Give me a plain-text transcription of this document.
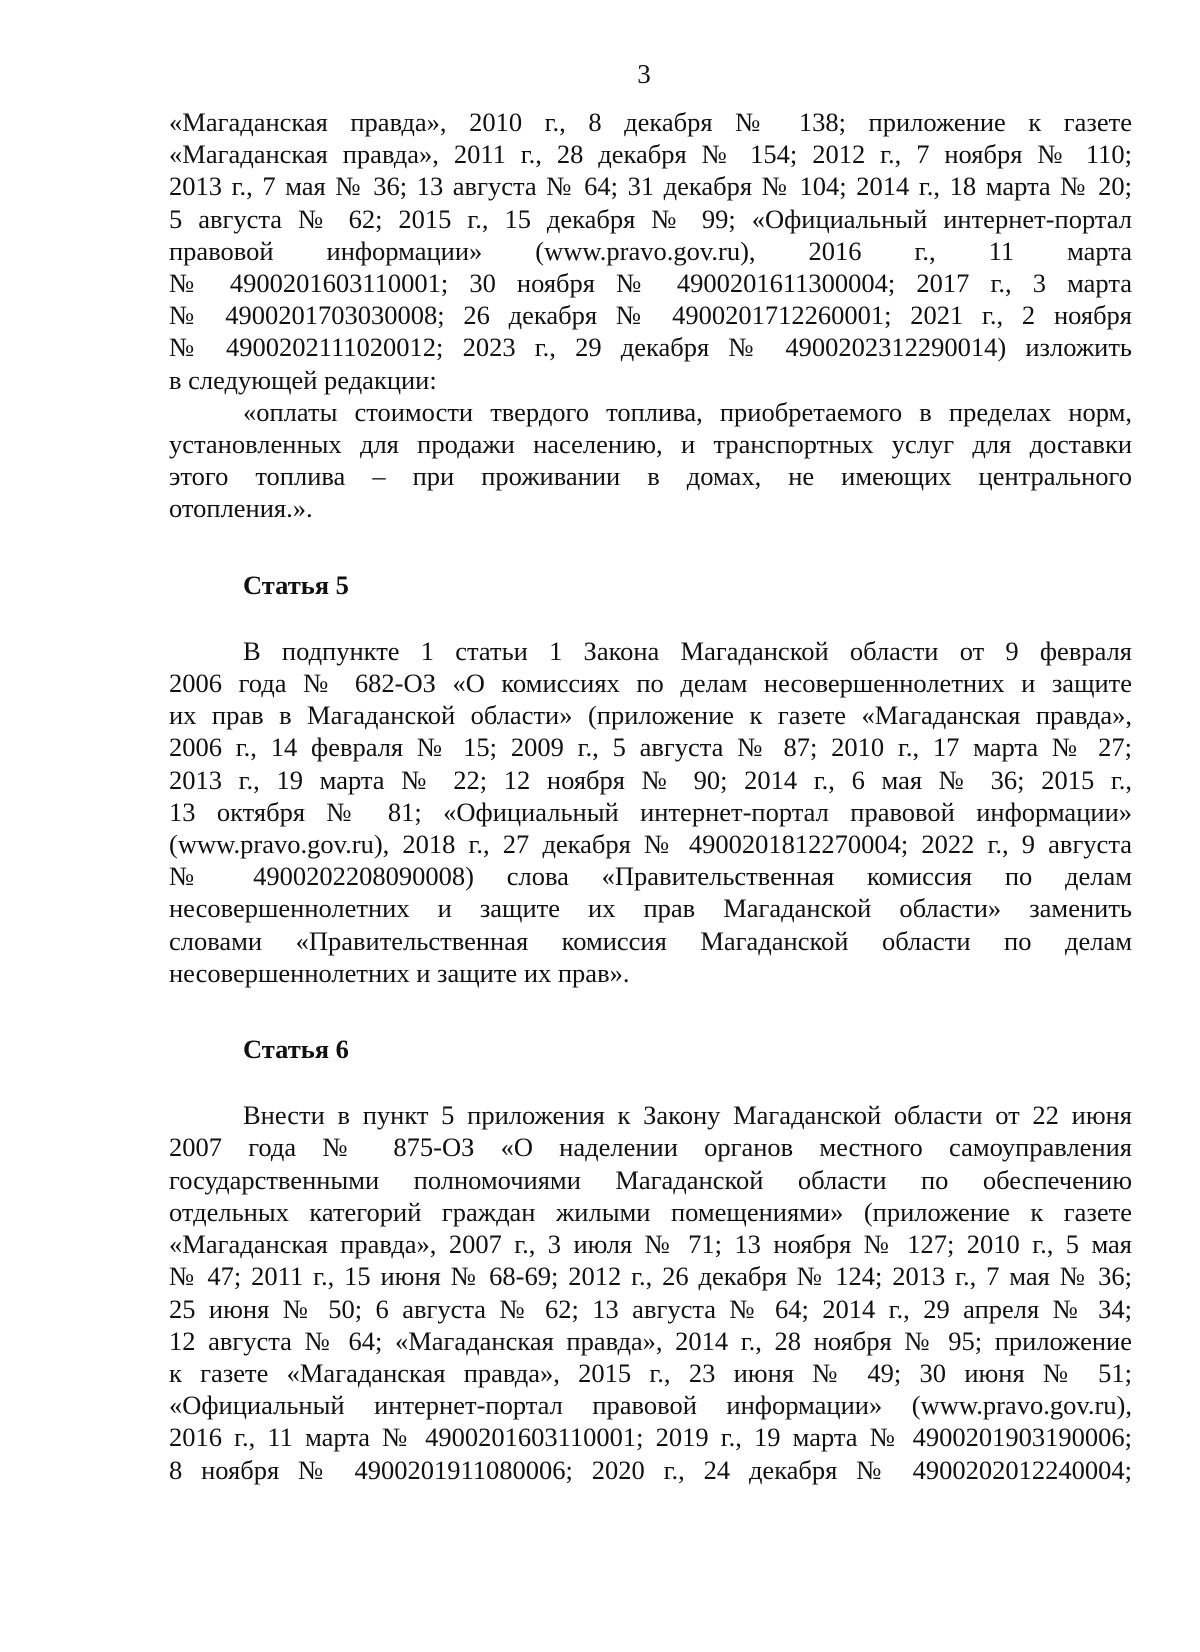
3
«Магаданская правда», 2010 г., 8 декабря № 138; приложение к газете
«Магаданская правда», 2011 г., 28 декабря № 154; 2012 г., 7 ноября № 110;
2013 г., 7 мая № 36; 13 августа № 64; 31 декабря № 104; 2014 г., 18 марта № 20;
5 августа № 62; 2015 г., 15 декабря № 99; «Официальный интернет-портал
правовой информации» (www.pravo.gov.ru), 2016 г., 11 марта
№ 4900201603110001; 30 ноября № 4900201611300004; 2017 г., 3 марта
№ 4900201703030008; 26 декабря № 4900201712260001; 2021 г., 2 ноября
№ 4900202111020012; 2023 г., 29 декабря № 4900202312290014) изложить
в следующей редакции:
«оплаты стоимости твердого топлива, приобретаемого в пределах норм,
установленных для продажи населению, и транспортных услуг для доставки
этого топлива – при проживании в домах, не имеющих центрального
отопления.».
Статья 5
В подпункте 1 статьи 1 Закона Магаданской области от 9 февраля
2006 года № 682-ОЗ «О комиссиях по делам несовершеннолетних и защите
их прав в Магаданской области» (приложение к газете «Магаданская правда»,
2006 г., 14 февраля № 15; 2009 г., 5 августа № 87; 2010 г., 17 марта № 27;
2013 г., 19 марта № 22; 12 ноября № 90; 2014 г., 6 мая № 36; 2015 г.,
13 октября № 81; «Официальный интернет-портал правовой информации»
(www.pravo.gov.ru), 2018 г., 27 декабря № 4900201812270004; 2022 г., 9 августа
№ 4900202208090008) слова «Правительственная комиссия по делам
несовершеннолетних и защите их прав Магаданской области» заменить
словами «Правительственная комиссия Магаданской области по делам
несовершеннолетних и защите их прав».
Статья 6
Внести в пункт 5 приложения к Закону Магаданской области от 22 июня
2007 года № 875-ОЗ «О наделении органов местного самоуправления
государственными полномочиями Магаданской области по обеспечению
отдельных категорий граждан жилыми помещениями» (приложение к газете
«Магаданская правда», 2007 г., 3 июля № 71; 13 ноября № 127; 2010 г., 5 мая
№ 47; 2011 г., 15 июня № 68-69; 2012 г., 26 декабря № 124; 2013 г., 7 мая № 36;
25 июня № 50; 6 августа № 62; 13 августа № 64; 2014 г., 29 апреля № 34;
12 августа № 64; «Магаданская правда», 2014 г., 28 ноября № 95; приложение
к газете «Магаданская правда», 2015 г., 23 июня № 49; 30 июня № 51;
«Официальный интернет-портал правовой информации» (www.pravo.gov.ru),
2016 г., 11 марта № 4900201603110001; 2019 г., 19 марта № 4900201903190006;
8 ноября № 4900201911080006; 2020 г., 24 декабря № 4900202012240004;
